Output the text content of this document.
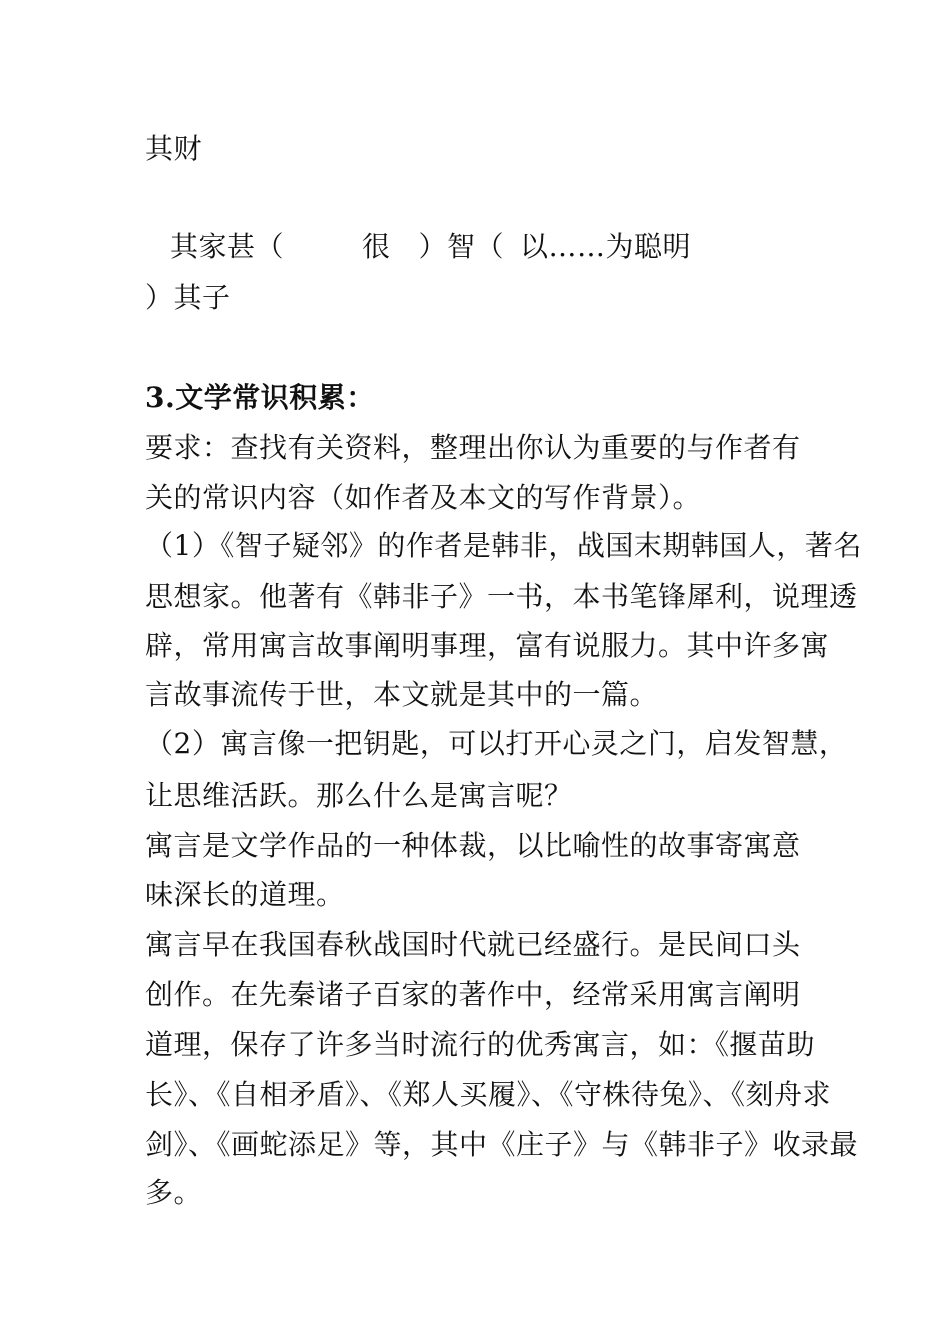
其财
其家甚（	很 ）智（ 以……为聪明
）其子
3.文学常识积累：
要求：查找有关资料，整理出你认为重要的与作者有
关的常识内容（如作者及本文的写作背景）。
（1）《智子疑邻》的作者是韩非，战国末期韩国人，著名
思想家。他著有《韩非子》一书，本书笔锋犀利，说理透
辟，常用寓言故事阐明事理，富有说服力。其中许多寓
言故事流传于世，本文就是其中的一篇。
（2）寓言像一把钥匙，可以打开心灵之门，启发智慧，
让思维活跃。那么什么是寓言呢？
寓言是文学作品的一种体裁，以比喻性的故事寄寓意
味深长的道理。
寓言早在我国春秋战国时代就已经盛行。是民间口头
创作。在先秦诸子百家的著作中，经常采用寓言阐明
道理，保存了许多当时流行的优秀寓言，如：《揠苗助
长》、《自相矛盾》、《郑人买履》、《守株待兔》、《刻舟求
剑》、《画蛇添足》等，其中《庄子》与《韩非子》收录最
多。
